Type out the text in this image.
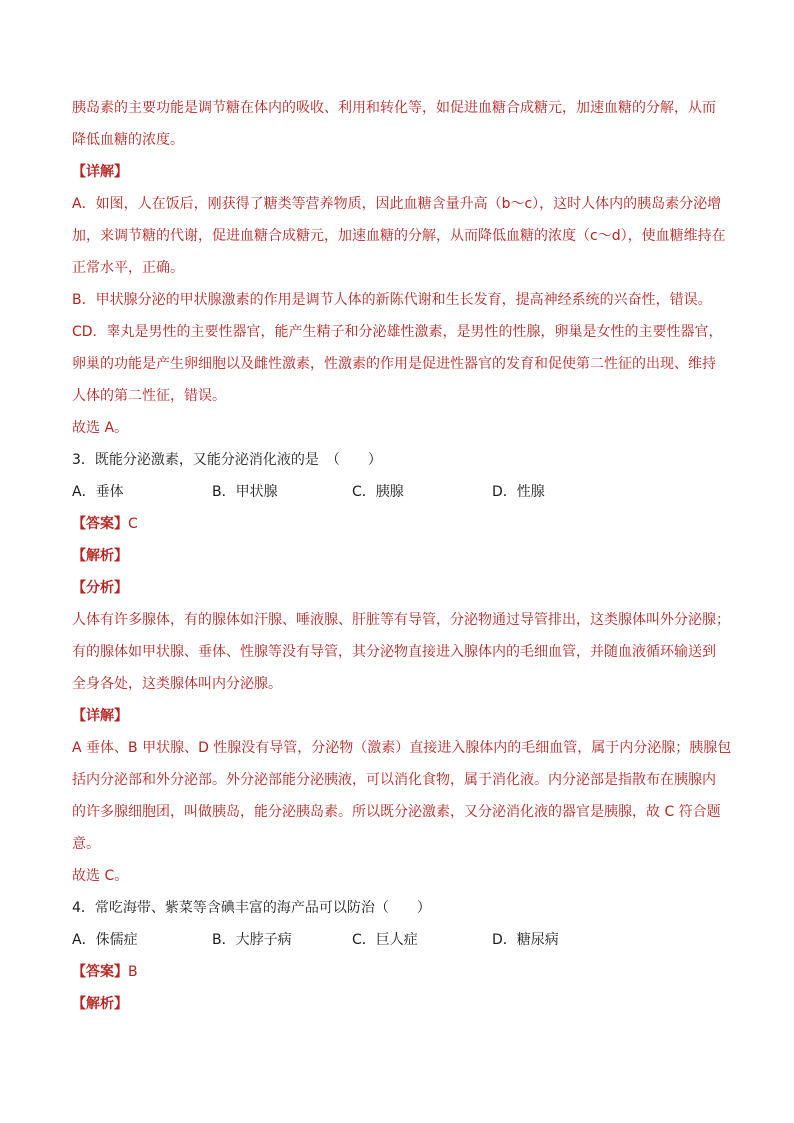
胰岛素的主要功能是调节糖在体内的吸收、利用和转化等，如促进血糖合成糖元，加速血糖的分解，从而

降低血糖的浓度。

【详解】

A．如图，人在饭后，刚获得了糖类等营养物质，因此血糖含量升高（b～c），这时人体内的胰岛素分泌增

加，来调节糖的代谢，促进血糖合成糖元，加速血糖的分解，从而降低血糖的浓度（c～d），使血糖维持在

正常水平，正确。

B．甲状腺分泌的甲状腺激素的作用是调节人体的新陈代谢和生长发育，提高神经系统的兴奋性，错误。

CD．睾丸是男性的主要性器官，能产生精子和分泌雄性激素，是男性的性腺，卵巢是女性的主要性器官，

卵巢的功能是产生卵细胞以及雌性激素，性激素的作用是促进性器官的发育和促使第二性征的出现、维持

人体的第二性征，错误。

故选 A。

3．既能分泌激素，又能分泌消化液的是　（　　）

A．垂体	B．甲状腺	C．胰腺	D．性腺

【答案】C

【解析】

【分析】

人体有许多腺体，有的腺体如汗腺、唾液腺、肝脏等有导管，分泌物通过导管排出，这类腺体叫外分泌腺；

有的腺体如甲状腺、垂体、性腺等没有导管，其分泌物直接进入腺体内的毛细血管，并随血液循环输送到

全身各处，这类腺体叫内分泌腺。

【详解】

A 垂体、B 甲状腺、D 性腺没有导管，分泌物（激素）直接进入腺体内的毛细血管，属于内分泌腺；胰腺包

括内分泌部和外分泌部。外分泌部能分泌胰液，可以消化食物，属于消化液。内分泌部是指散布在胰腺内

的许多腺细胞团，叫做胰岛，能分泌胰岛素。所以既分泌激素，又分泌消化液的器官是胰腺，故 C 符合题

意。

故选 C。

4．常吃海带、紫菜等含碘丰富的海产品可以防治（　　）

A．侏儒症	B．大脖子病	C．巨人症	D．糖尿病

【答案】B

【解析】
